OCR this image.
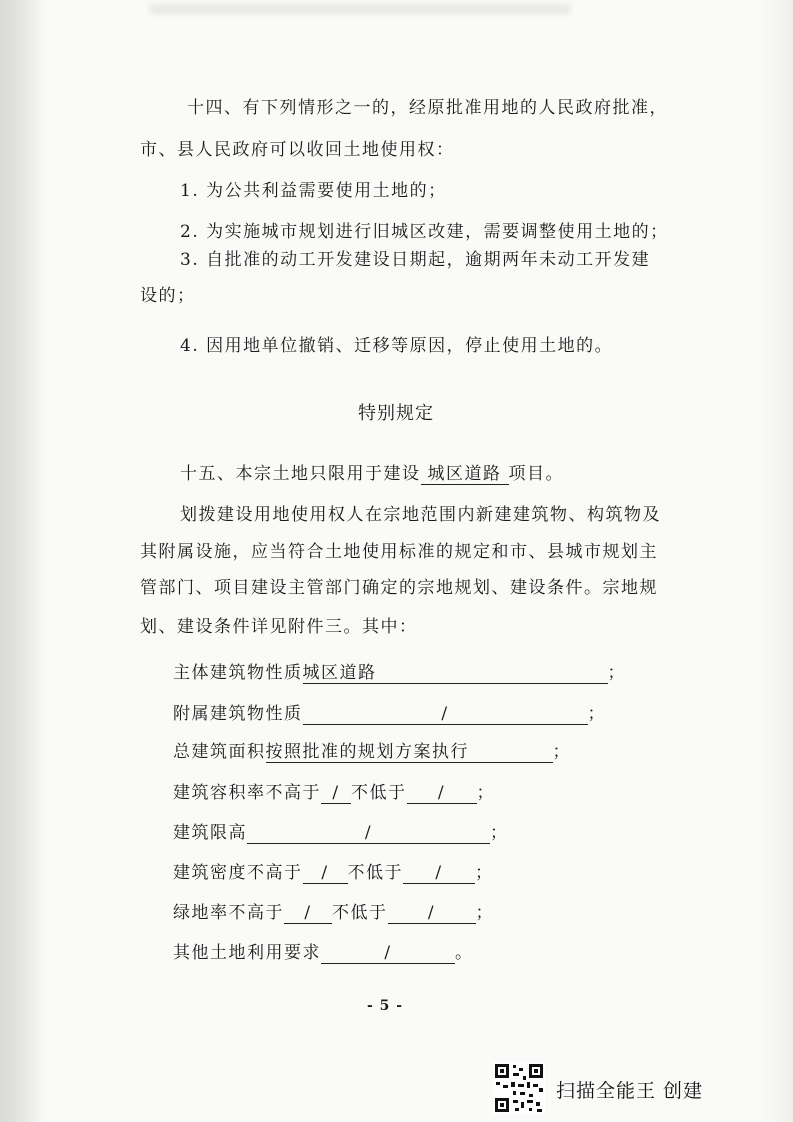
十四、有下列情形之一的，经原批准用地的人民政府批准，
市、县人民政府可以收回土地使用权：
1. 为公共利益需要使用土地的；
2. 为实施城市规划进行旧城区改建，需要调整使用土地的；
3. 自批准的动工开发建设日期起，逾期两年未动工开发建
设的；
4. 因用地单位撤销、迁移等原因，停止使用土地的。
特别规定
十五、本宗土地只限用于建设 城区道路 项目。
划拨建设用地使用权人在宗地范围内新建建筑物、构筑物及
其附属设施，应当符合土地使用标准的规定和市、县城市规划主
管部门、项目建设主管部门确定的宗地规划、建设条件。宗地规
划、建设条件详见附件三。其中：
主体建筑物性质城区道路	；
附属建筑物性质	/	；
总建筑面积按照批准的规划方案执行	；
建筑容积率不高于 / 不低于 / ；
建筑限高	/	；
建筑密度不高于 / 不低于 / ；
绿地率不高于 / 不低于 / ；
其他土地利用要求	/	。
- 5 -
扫描全能王 创建
